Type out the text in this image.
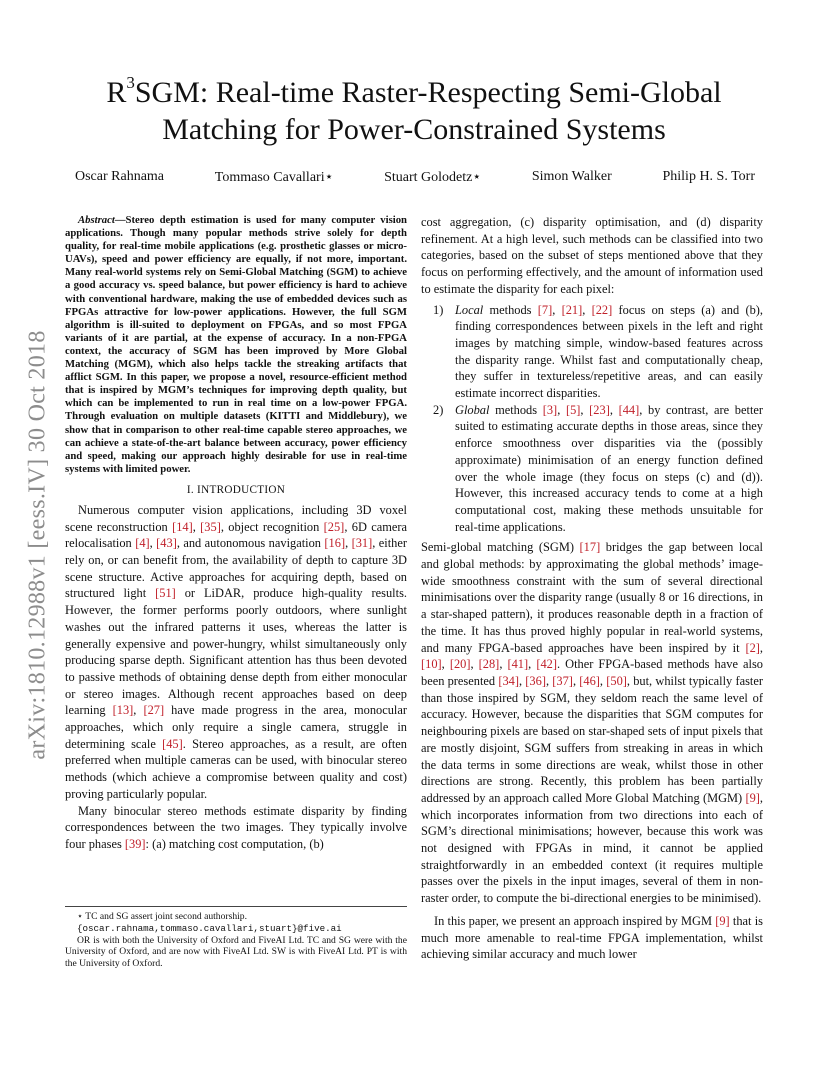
arXiv:1810.12988v1 [eess.IV] 30 Oct 2018
$R^3SGM$: Real-time Raster-Respecting Semi-Global
Matching for Power-Constrained Systems
Oscar Rahnama	Tommaso Cavallari⋆	Stuart Golodetz⋆	Simon Walker	Philip H. S. Torr
Abstract—Stereo depth estimation is used for many computer vision applications. Though many popular methods strive solely for depth quality, for real-time mobile applications (e.g. prosthetic glasses or micro-UAVs), speed and power efficiency are equally, if not more, important. Many real-world systems rely on Semi-Global Matching (SGM) to achieve a good accuracy vs. speed balance, but power efficiency is hard to achieve with conventional hardware, making the use of embedded devices such as FPGAs attractive for low-power applications. However, the full SGM algorithm is ill-suited to deployment on FPGAs, and so most FPGA variants of it are partial, at the expense of accuracy. In a non-FPGA context, the accuracy of SGM has been improved by More Global Matching (MGM), which also helps tackle the streaking artifacts that afflict SGM. In this paper, we propose a novel, resource-efficient method that is inspired by MGM’s techniques for improving depth quality, but which can be implemented to run in real time on a low-power FPGA. Through evaluation on multiple datasets (KITTI and Middlebury), we show that in comparison to other real-time capable stereo approaches, we can achieve a state-of-the-art balance between accuracy, power efficiency and speed, making our approach highly desirable for use in real-time systems with limited power.
I. INTRODUCTION

Numerous computer vision applications, including 3D voxel scene reconstruction [14], [35], object recognition [25], 6D camera relocalisation [4], [43], and autonomous navigation [16], [31], either rely on, or can benefit from, the availability of depth to capture 3D scene structure. Active approaches for acquiring depth, based on structured light [51] or LiDAR, produce high-quality results. However, the former performs poorly outdoors, where sunlight washes out the infrared patterns it uses, whereas the latter is generally expensive and power-hungry, whilst simultaneously only producing sparse depth. Significant attention has thus been devoted to passive methods of obtaining dense depth from either monocular or stereo images. Although recent approaches based on deep learning [13], [27] have made progress in the area, monocular approaches, which only require a single camera, struggle in determining scale [45]. Stereo approaches, as a result, are often preferred when multiple cameras can be used, with binocular stereo methods (which achieve a compromise between quality and cost) proving particularly popular.

Many binocular stereo methods estimate disparity by finding correspondences between the two images. They typically involve four phases [39]: (a) matching cost computation, (b)

cost aggregation, (c) disparity optimisation, and (d) disparity refinement. At a high level, such methods can be classified into two categories, based on the subset of steps mentioned above that they focus on performing effectively, and the amount of information used to estimate the disparity for each pixel:

1) Local methods [7], [21], [22] focus on steps (a) and (b), finding correspondences between pixels in the left and right images by matching simple, window-based features across the disparity range. Whilst fast and computationally cheap, they suffer in textureless/repetitive areas, and can easily estimate incorrect disparities.
2) Global methods [3], [5], [23], [44], by contrast, are better suited to estimating accurate depths in those areas, since they enforce smoothness over disparities via the (possibly approximate) minimisation of an energy function defined over the whole image (they focus on steps (c) and (d)). However, this increased accuracy tends to come at a high computational cost, making these methods unsuitable for real-time applications.

Semi-global matching (SGM) [17] bridges the gap between local and global methods: by approximating the global methods’ image-wide smoothness constraint with the sum of several directional minimisations over the disparity range (usually 8 or 16 directions, in a star-shaped pattern), it produces reasonable depth in a fraction of the time. It has thus proved highly popular in real-world systems, and many FPGA-based approaches have been inspired by it [2], [10], [20], [28], [41], [42]. Other FPGA-based methods have also been presented [34], [36], [37], [46], [50], but, whilst typically faster than those inspired by SGM, they seldom reach the same level of accuracy. However, because the disparities that SGM computes for neighbouring pixels are based on star-shaped sets of input pixels that are mostly disjoint, SGM suffers from streaking in areas in which the data terms in some directions are weak, whilst those in other directions are strong. Recently, this problem has been partially addressed by an approach called More Global Matching (MGM) [9], which incorporates information from two directions into each of SGM’s directional minimisations; however, because this work was not designed with FPGAs in mind, it cannot be applied straightforwardly in an embedded context (it requires multiple passes over the pixels in the input images, several of them in non-raster order, to compute the bi-directional energies to be minimised).

In this paper, we present an approach inspired by MGM [9] that is much more amenable to real-time FPGA implementation, whilst achieving similar accuracy and much lower

⋆ TC and SG assert joint second authorship.
{oscar.rahnama,tommaso.cavallari,stuart}@five.ai
OR is with both the University of Oxford and FiveAI Ltd. TC and SG were with the University of Oxford, and are now with FiveAI Ltd. SW is with FiveAI Ltd. PT is with the University of Oxford.
